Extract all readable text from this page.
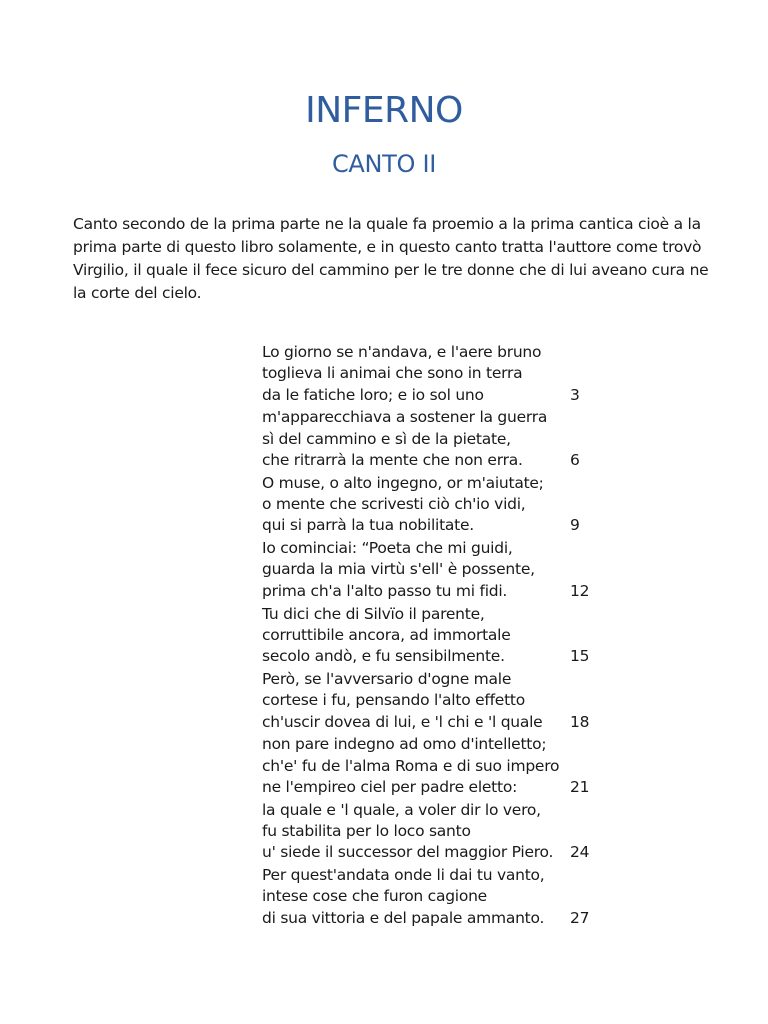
INFERNO
CANTO II

Canto secondo de la prima parte ne la quale fa proemio a la prima cantica cioè a la prima parte di questo libro solamente, e in questo canto tratta l'auttore come trovò Virgilio, il quale il fece sicuro del cammino per le tre donne che di lui aveano cura ne la corte del cielo.

Lo giorno se n'andava, e l'aere bruno
toglieva li animai che sono in terra
da le fatiche loro; e io sol uno	3
m'apparecchiava a sostener la guerra
sì del cammino e sì de la pietate,
che ritrarrà la mente che non erra.	6
O muse, o alto ingegno, or m'aiutate;
o mente che scrivesti ciò ch'io vidi,
qui si parrà la tua nobilitate.	9
Io cominciai: “Poeta che mi guidi,
guarda la mia virtù s'ell' è possente,
prima ch'a l'alto passo tu mi fidi.	12
Tu dici che di Silvïo il parente,
corruttibile ancora, ad immortale
secolo andò, e fu sensibilmente.	15
Però, se l'avversario d'ogne male
cortese i fu, pensando l'alto effetto
ch'uscir dovea di lui, e 'l chi e 'l quale 18
non pare indegno ad omo d'intelletto;
ch'e' fu de l'alma Roma e di suo impero
ne l'empireo ciel per padre eletto:	21
la quale e 'l quale, a voler dir lo vero,
fu stabilita per lo loco santo
u' siede il successor del maggior Piero. 24
Per quest'andata onde li dai tu vanto,
intese cose che furon cagione
di sua vittoria e del papale ammanto. 27
